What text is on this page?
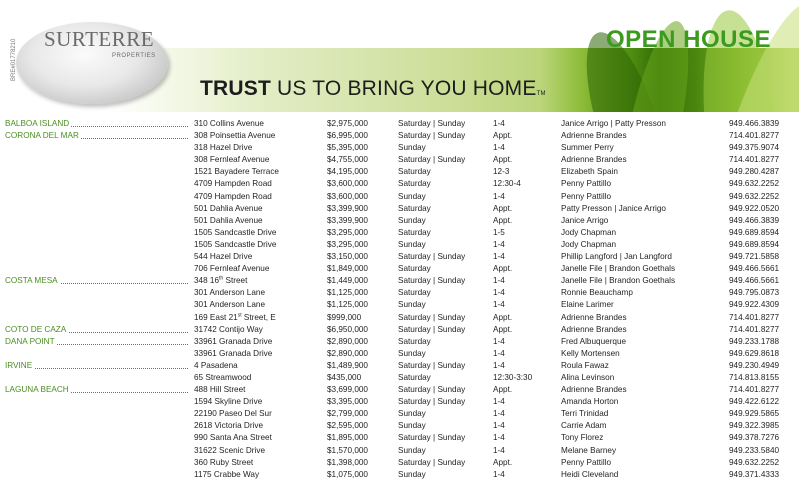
SURTERRE
PROPERTIES
BRE#01778210	OPEN HOUSE
TRUST US TO BRING YOU HOMETM
BALBOA ISLAND	310 Collins Avenue	$2,975,000	Saturday | Sunday	1-4	Janice Arrigo | Patty Presson	949.466.3839
CORONA DEL MAR	308 Poinsettia Avenue	$6,995,000	Saturday | Sunday	Appt.	Adrienne Brandes	714.401.8277
318 Hazel Drive	$5,395,000	Sunday	1-4	Summer Perry	949.375.9074
308 Fernleaf Avenue	$4,755,000	Saturday | Sunday	Appt.	Adrienne Brandes	714.401.8277
1521 Bayadere Terrace	$4,195,000	Saturday	12-3	Elizabeth Spain	949.280.4287
4709 Hampden Road	$3,600,000	Saturday	12:30-4	Penny Pattillo	949.632.2252
4709 Hampden Road	$3,600,000	Sunday	1-4	Penny Pattillo	949.632.2252
501 Dahlia Avenue	$3,399,900	Saturday	Appt.	Patty Presson | Janice Arrigo	949.922.0520
501 Dahlia Avenue	$3,399,900	Sunday	Appt.	Janice Arrigo	949.466.3839
1505 Sandcastle Drive	$3,295,000	Saturday	1-5	Jody Chapman	949.689.8594
1505 Sandcastle Drive	$3,295,000	Sunday	1-4	Jody Chapman	949.689.8594
544 Hazel Drive	$3,150,000	Saturday | Sunday	1-4	Phillip Langford | Jan Langford	949.721.5858
706 Fernleaf Avenue	$1,849,000	Saturday	Appt.	Janelle File | Brandon Goethals	949.466.5661
COSTA MESA	348 16th Street	$1,449,000	Saturday | Sunday	1-4	Janelle File | Brandon Goethals	949.466.5661
301 Anderson Lane	$1,125,000	Saturday	1-4	Ronnie Beauchamp	949.795.0873
301 Anderson Lane	$1,125,000	Sunday	1-4	Elaine Larimer	949.922.4309
169 East 21st Street, E	$999,000	Saturday | Sunday	Appt.	Adrienne Brandes	714.401.8277
COTO DE CAZA	31742 Contijo Way	$6,950,000	Saturday | Sunday	Appt.	Adrienne Brandes	714.401.8277
DANA POINT	33961 Granada Drive	$2,890,000	Saturday	1-4	Fred Albuquerque	949.233.1788
33961 Granada Drive	$2,890,000	Sunday	1-4	Kelly Mortensen	949.629.8618
IRVINE	4 Pasadena	$1,489,900	Saturday | Sunday	1-4	Roula Fawaz	949.230.4949
65 Streamwood	$435,000	Saturday	12:30-3:30	Alina Levinson	714.813.8155
LAGUNA BEACH	488 Hill Street	$3,699,000	Saturday | Sunday	Appt.	Adrienne Brandes	714.401.8277
1594 Skyline Drive	$3,395,000	Saturday | Sunday	1-4	Amanda Horton	949.422.6122
22190 Paseo Del Sur	$2,799,000	Sunday	1-4	Terri Trinidad	949.929.5865
2618 Victoria Drive	$2,595,000	Sunday	1-4	Carrie Adam	949.322.3985
990 Santa Ana Street	$1,895,000	Saturday | Sunday	1-4	Tony Florez	949.378.7276
31622 Scenic Drive	$1,570,000	Sunday	1-4	Melane Barney	949.233.5840
360 Ruby Street	$1,398,000	Saturday | Sunday	Appt.	Penny Pattillo	949.632.2252
1175 Crabbe Way	$1,075,000	Sunday	1-4	Heidi Cleveland	949.371.4333
